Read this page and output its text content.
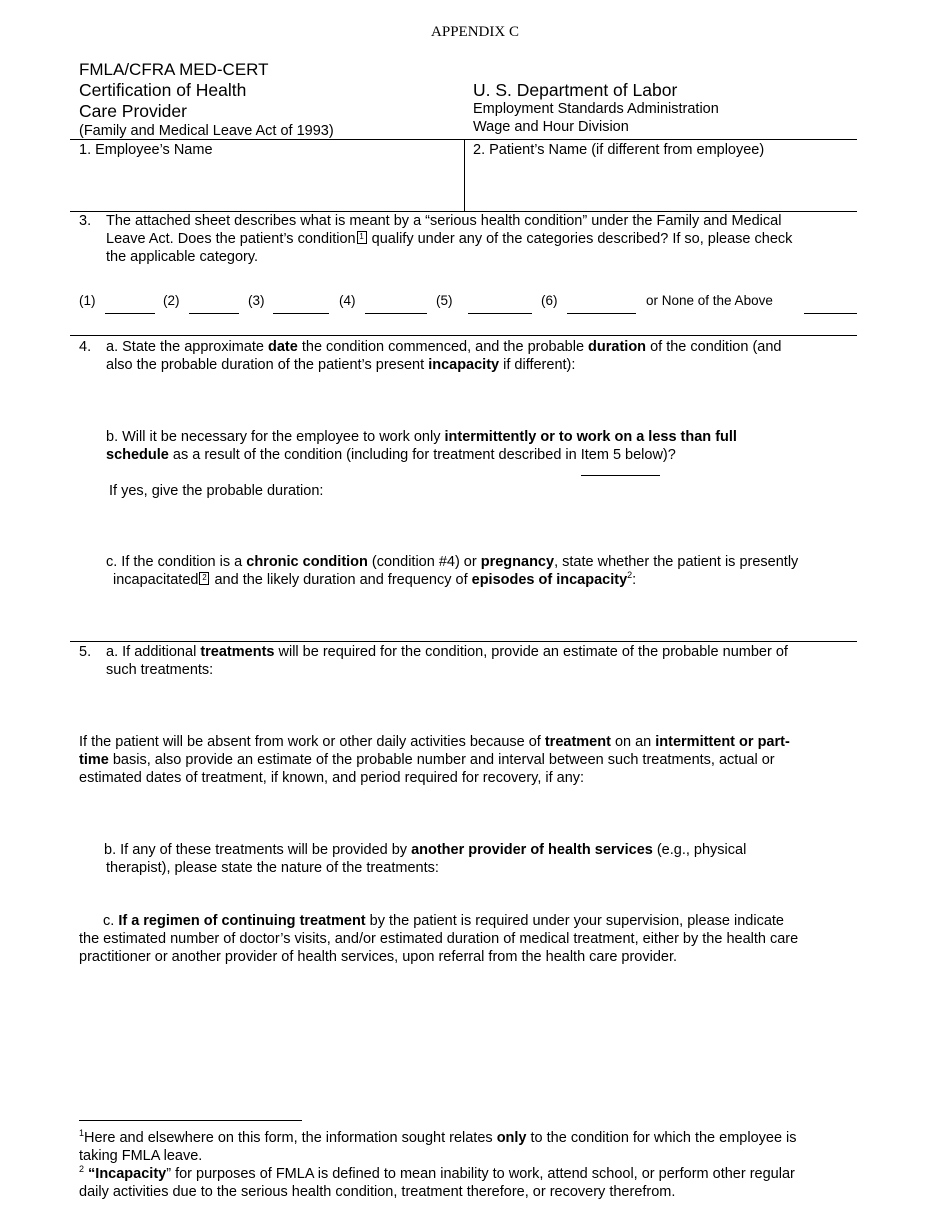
APPENDIX C
FMLA/CFRA MED-CERT
Certification of Health
Care Provider
(Family and Medical Leave Act of 1993)
U. S. Department of Labor
Employment Standards Administration
Wage and Hour Division
1. Employee’s Name	2. Patient’s Name (if different from employee)
3. The attached sheet describes what is meant by a “serious health condition” under the Family and Medical
Leave Act. Does the patient’s condition 1 qualify under any of the categories described? If so, please check
the applicable category.
(1)	(2)	(3)	(4)	(5)	(6)	or None of the Above
4. a. State the approximate date the condition commenced, and the probable duration of the condition (and
also the probable duration of the patient’s present incapacity if different):
b. Will it be necessary for the employee to work only intermittently or to work on a less than full
schedule as a result of the condition (including for treatment described in Item 5 below)?
If yes, give the probable duration:
c. If the condition is a chronic condition (condition #4) or pregnancy, state whether the patient is presently
incapacitated 2 and the likely duration and frequency of episodes of incapacity$^2$:
5. a. If additional treatments will be required for the condition, provide an estimate of the probable number of
such treatments:
If the patient will be absent from work or other daily activities because of treatment on an intermittent or part-
time basis, also provide an estimate of the probable number and interval between such treatments, actual or
estimated dates of treatment, if known, and period required for recovery, if any:
b. If any of these treatments will be provided by another provider of health services (e.g., physical
therapist), please state the nature of the treatments:
c. If a regimen of continuing treatment by the patient is required under your supervision, please indicate
the estimated number of doctor’s visits, and/or estimated duration of medical treatment, either by the health care
practitioner or another provider of health services, upon referral from the health care provider.
$^1$Here and elsewhere on this form, the information sought relates only to the condition for which the employee is
taking FMLA leave.
$^2$ “Incapacity” for purposes of FMLA is defined to mean inability to work, attend school, or perform other regular
daily activities due to the serious health condition, treatment therefore, or recovery therefrom.
